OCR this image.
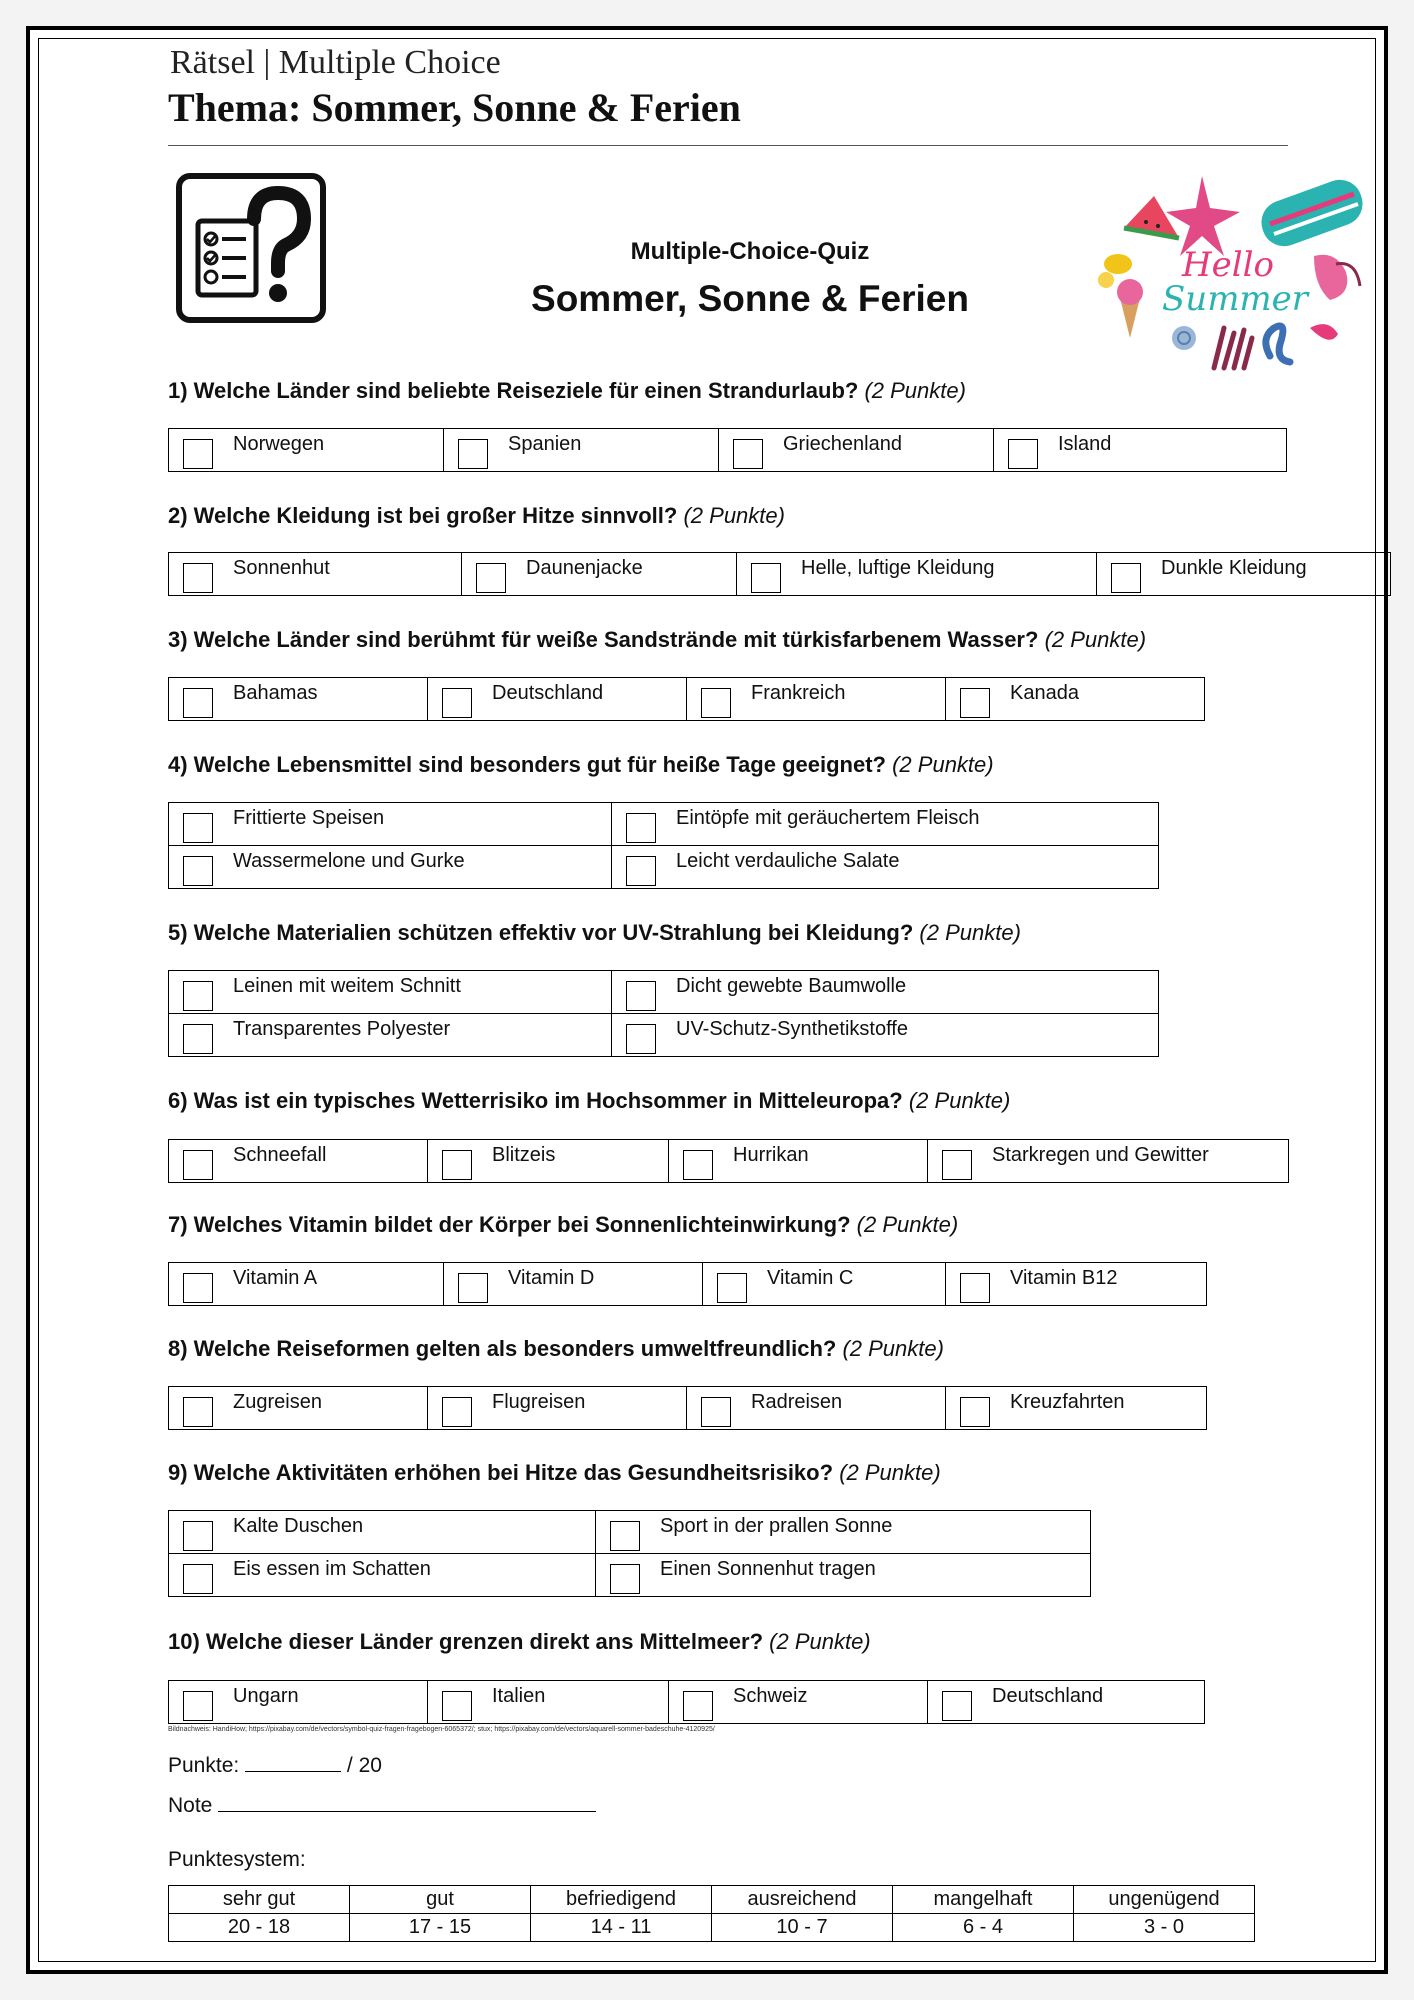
Rätsel | Multiple Choice
Thema: Sommer, Sonne & Ferien
Multiple-Choice-Quiz
Sommer, Sonne & Ferien
Hello
Summer
1) Welche Länder sind beliebte Reiseziele für einen Strandurlaub? (2 Punkte)
Norwegen	Spanien	Griechenland	Island
2) Welche Kleidung ist bei großer Hitze sinnvoll? (2 Punkte)
Sonnenhut	Daunenjacke	Helle, luftige Kleidung	Dunkle Kleidung
3) Welche Länder sind berühmt für weiße Sandstrände mit türkisfarbenem Wasser? (2 Punkte)
Bahamas	Deutschland	Frankreich	Kanada
4) Welche Lebensmittel sind besonders gut für heiße Tage geeignet? (2 Punkte)
Frittierte Speisen	Eintöpfe mit geräuchertem Fleisch
Wassermelone und Gurke	Leicht verdauliche Salate
5) Welche Materialien schützen effektiv vor UV-Strahlung bei Kleidung? (2 Punkte)
Leinen mit weitem Schnitt	Dicht gewebte Baumwolle
Transparentes Polyester	UV-Schutz-Synthetikstoffe
6) Was ist ein typisches Wetterrisiko im Hochsommer in Mitteleuropa? (2 Punkte)
Schneefall	Blitzeis	Hurrikan	Starkregen und Gewitter
7) Welches Vitamin bildet der Körper bei Sonnenlichteinwirkung? (2 Punkte)
Vitamin A	Vitamin D	Vitamin C	Vitamin B12
8) Welche Reiseformen gelten als besonders umweltfreundlich? (2 Punkte)
Zugreisen	Flugreisen	Radreisen	Kreuzfahrten
9) Welche Aktivitäten erhöhen bei Hitze das Gesundheitsrisiko? (2 Punkte)
Kalte Duschen	Sport in der prallen Sonne
Eis essen im Schatten	Einen Sonnenhut tragen
10) Welche dieser Länder grenzen direkt ans Mittelmeer? (2 Punkte)
Ungarn	Italien	Schweiz	Deutschland
Bildnachweis: HandiHow; https://pixabay.com/de/vectors/symbol-quiz-fragen-fragebogen-6065372/; stux; https://pixabay.com/de/vectors/aquarell-sommer-badeschuhe-4120925/
Punkte:	/ 20
Note
Punktesystem:
sehr gut	gut	befriedigend	ausreichend	mangelhaft	ungenügend
20 - 18	17 - 15	14 - 11	10 - 7	6 - 4	3 - 0
